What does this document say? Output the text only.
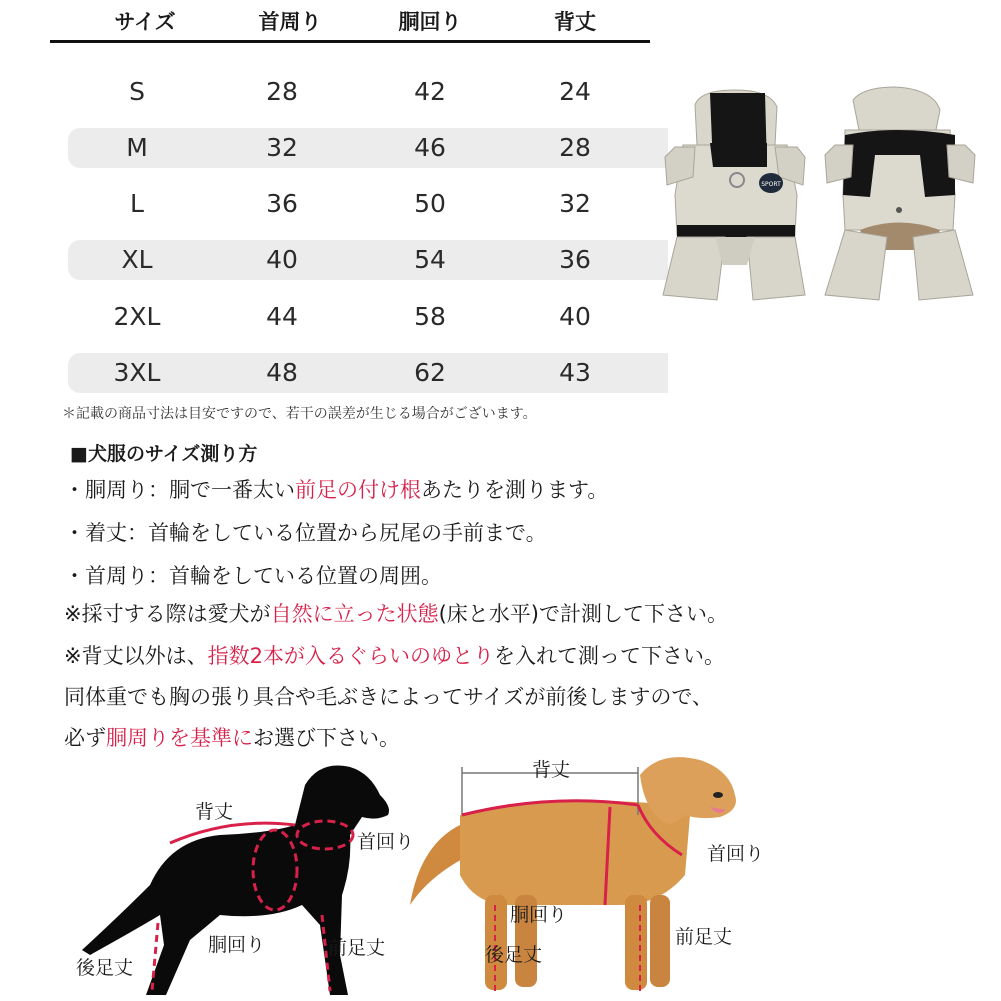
サイズ	首周り	胴回り	背丈
S	28	42	24
M	32	46	28
L	36	50	32
XL	40	54	36
2XL	44	58	40
3XL	48	62	43
＊記載の商品寸法は目安ですので、若干の誤差が生じる場合がございます。
SPORT
■犬服のサイズ測り方
・胴周り：胴で一番太い前足の付け根あたりを測ります。
・着丈：首輪をしている位置から尻尾の手前まで。
・首周り：首輪をしている位置の周囲。
※採寸する際は愛犬が自然に立った状態(床と水平)で計測して下さい。
※背丈以外は、指数2本が入るぐらいのゆとりを入れて測って下さい。
同体重でも胸の張り具合や毛ぶきによってサイズが前後しますので、
必ず胴周りを基準にお選び下さい。
背丈
首回り
胴回り	前足丈
後足丈
背丈
首回り
胴回り
前足丈
後足丈
